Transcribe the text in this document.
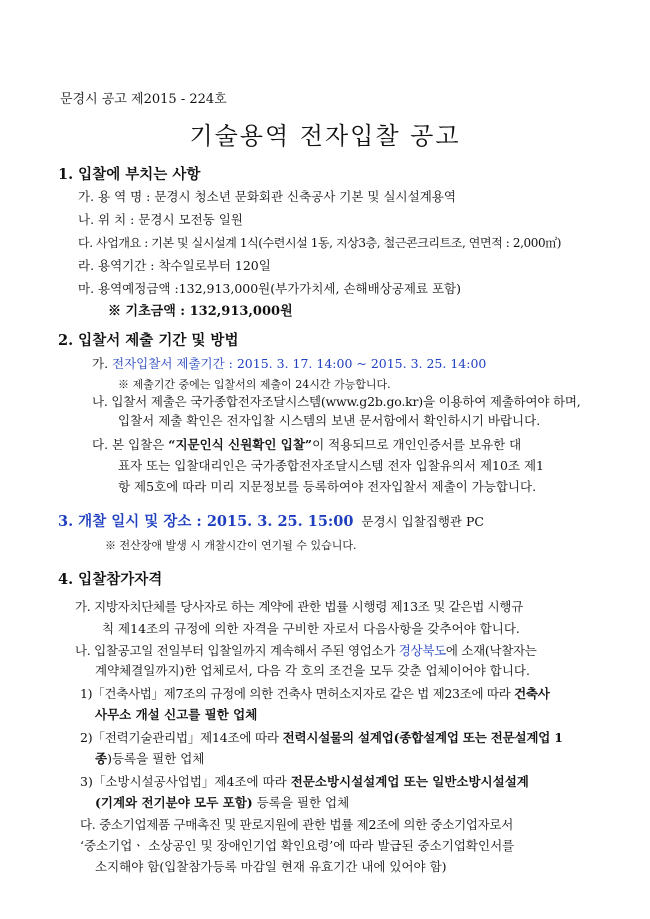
문경시 공고 제2015 - 224호
기술용역 전자입찰 공고
1. 입찰에 부치는 사항
가. 용 역 명 : 문경시 청소년 문화회관 신축공사 기본 및 실시설계용역
나. 위 치 : 문경시 모전동 일원
다. 사업개요 : 기본 및 실시설계 1식(수련시설 1동, 지상3층, 철근콘크리트조, 연면적 : 2,000㎡)
라. 용역기간 : 착수일로부터 120일
마. 용역예정금액 :132,913,000원(부가가치세, 손해배상공제료 포함)
※ 기초금액 : 132,913,000원
2. 입찰서 제출 기간 및 방법
가. 전자입찰서 제출기간 : 2015. 3. 17. 14:00 ~ 2015. 3. 25. 14:00
※ 제출기간 중에는 입찰서의 제출이 24시간 가능합니다.
나. 입찰서 제출은 국가종합전자조달시스템(www.g2b.go.kr)을 이용하여 제출하여야 하며,
입찰서 제출 확인은 전자입찰 시스템의 보낸 문서함에서 확인하시기 바랍니다.
다. 본 입찰은 “지문인식 신원확인 입찰”이 적용되므로 개인인증서를 보유한 대
표자 또는 입찰대리인은 국가종합전자조달시스템 전자 입찰유의서 제10조 제1
항 제5호에 따라 미리 지문정보를 등록하여야 전자입찰서 제출이 가능합니다.
3. 개찰 일시 및 장소 : 2015. 3. 25. 15:00 문경시 입찰집행관 PC
※ 전산장애 발생 시 개찰시간이 연기될 수 있습니다.
4. 입찰참가자격
가. 지방자치단체를 당사자로 하는 계약에 관한 법률 시행령 제13조 및 같은법 시행규
칙 제14조의 규정에 의한 자격을 구비한 자로서 다음사항을 갖추어야 합니다.
나. 입찰공고일 전일부터 입찰일까지 계속해서 주된 영업소가 경상북도에 소재(낙찰자는
계약체결일까지)한 업체로서, 다음 각 호의 조건을 모두 갖춘 업체이어야 합니다.
1)「건축사법」제7조의 규정에 의한 건축사 면허소지자로 같은 법 제23조에 따라 건축사
사무소 개설 신고를 필한 업체
2)「전력기술관리법」제14조에 따라 전력시설물의 설계업(종합설계업 또는 전문설계업 1
종)등록을 필한 업체
3)「소방시설공사업법」제4조에 따라 전문소방시설설계업 또는 일반소방시설설계
(기계와 전기분야 모두 포함) 등록을 필한 업체
다. 중소기업제품 구매촉진 및 판로지원에 관한 법률 제2조에 의한 중소기업자로서
‘중소기업ㆍ 소상공인 및 장애인기업 확인요령’에 따라 발급된 중소기업확인서를
소지해야 함(입찰참가등록 마감일 현재 유효기간 내에 있어야 함)
